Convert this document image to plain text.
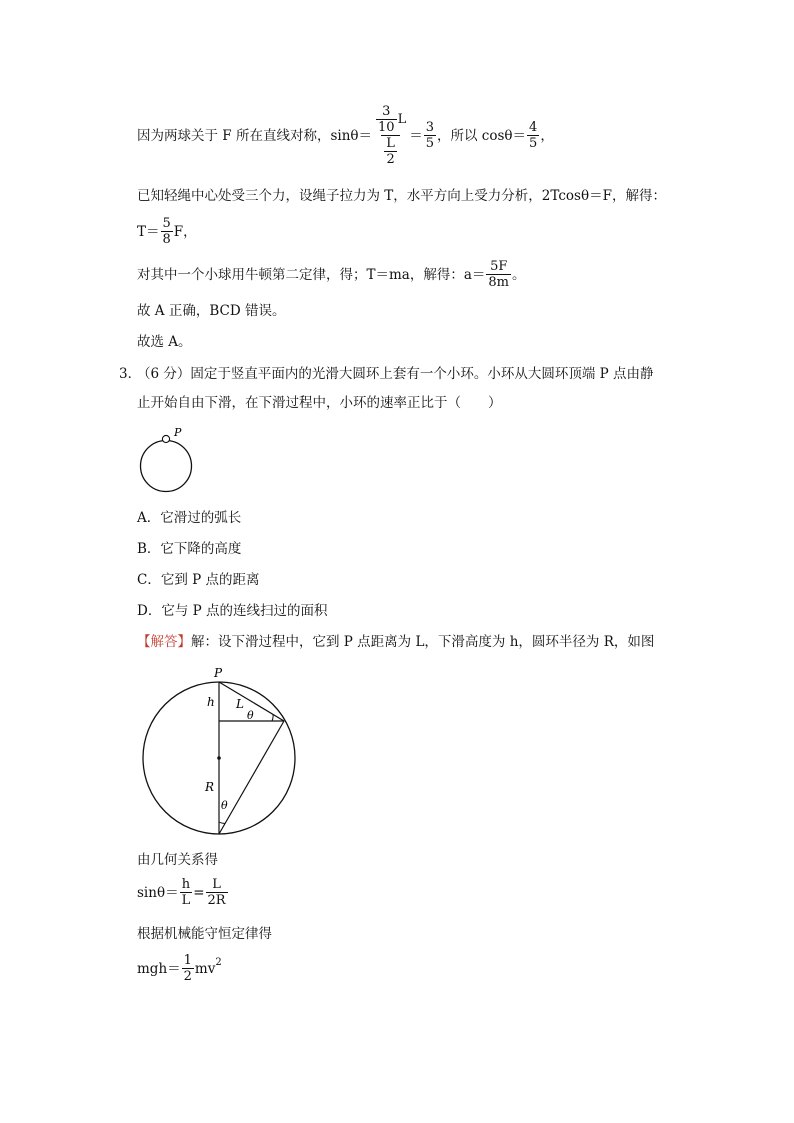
因为两球关于 F 所在直线对称，$\sin\theta= \frac{\frac{3}{10} L}{\frac{L}{2}} = \frac{3}{5}$ ，所以 $\cos\theta= \frac{4}{5}$ ，
已知轻绳中心处受三个力，设绳子拉力为 T，水平方向上受力分析，2Tcosθ＝F，解得：
$T= \frac{5}{8}$ F，
对其中一个小球用牛顿第二定律，得；T＝ma，解得：$a= \frac{5F}{8m}$ 。
故 A 正确，BCD 错误。
故选 A。
3．
（6 分）固定于竖直平面内的光滑大圆环上套有一个小环。小环从大圆环顶端 P 点由静
止开始自由下滑，在下滑过程中，小环的速率正比于（　　）
P
A．它滑过的弧长
B．它下降的高度
C．它到 P 点的距离
D．它与 P 点的连线扫过的面积
【解答】解：设下滑过程中，它到 P 点距离为 L，下滑高度为 h，圆环半径为 R，如图
P
h L
θ
R
θ
由几何关系得
$\sin\theta= \frac{h}{L} = \frac{L}{2R}$
根据机械能守恒定律得
$mgh= \frac{1}{2} mv^2$
